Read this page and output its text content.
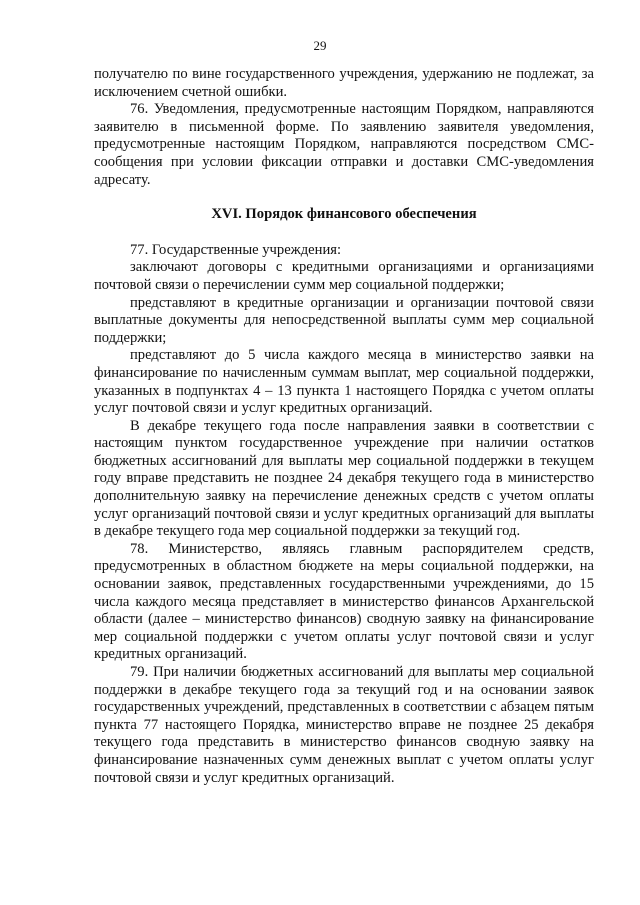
29

получателю по вине государственного учреждения, удержанию не подлежат, за исключением счетной ошибки.

76. Уведомления, предусмотренные настоящим Порядком, направляются заявителю в письменной форме. По заявлению заявителя уведомления, предусмотренные настоящим Порядком, направляются посредством СМС-сообщения при условии фиксации отправки и доставки СМС-уведомления адресату.

XVI. Порядок финансового обеспечения

77. Государственные учреждения:

заключают договоры с кредитными организациями и организациями почтовой связи о перечислении сумм мер социальной поддержки;

представляют в кредитные организации и организации почтовой связи выплатные документы для непосредственной выплаты сумм мер социальной поддержки;

представляют до 5 числа каждого месяца в министерство заявки на финансирование по начисленным суммам выплат, мер социальной поддержки, указанных в подпунктах 4 – 13 пункта 1 настоящего Порядка с учетом оплаты услуг почтовой связи и услуг кредитных организаций.

В декабре текущего года после направления заявки в соответствии с настоящим пунктом государственное учреждение при наличии остатков бюджетных ассигнований для выплаты мер социальной поддержки в текущем году вправе представить не позднее 24 декабря текущего года в министерство дополнительную заявку на перечисление денежных средств с учетом оплаты услуг организаций почтовой связи и услуг кредитных организаций для выплаты в декабре текущего года мер социальной поддержки за текущий год.

78. Министерство, являясь главным распорядителем средств, предусмотренных в областном бюджете на меры социальной поддержки, на основании заявок, представленных государственными учреждениями, до 15 числа каждого месяца представляет в министерство финансов Архангельской области (далее – министерство финансов) сводную заявку на финансирование мер социальной поддержки с учетом оплаты услуг почтовой связи и услуг кредитных организаций.

79. При наличии бюджетных ассигнований для выплаты мер социальной поддержки в декабре текущего года за текущий год и на основании заявок государственных учреждений, представленных в соответствии с абзацем пятым пункта 77 настоящего Порядка, министерство вправе не позднее 25 декабря текущего года представить в министерство финансов сводную заявку на финансирование назначенных сумм денежных выплат с учетом оплаты услуг почтовой связи и услуг кредитных организаций.
